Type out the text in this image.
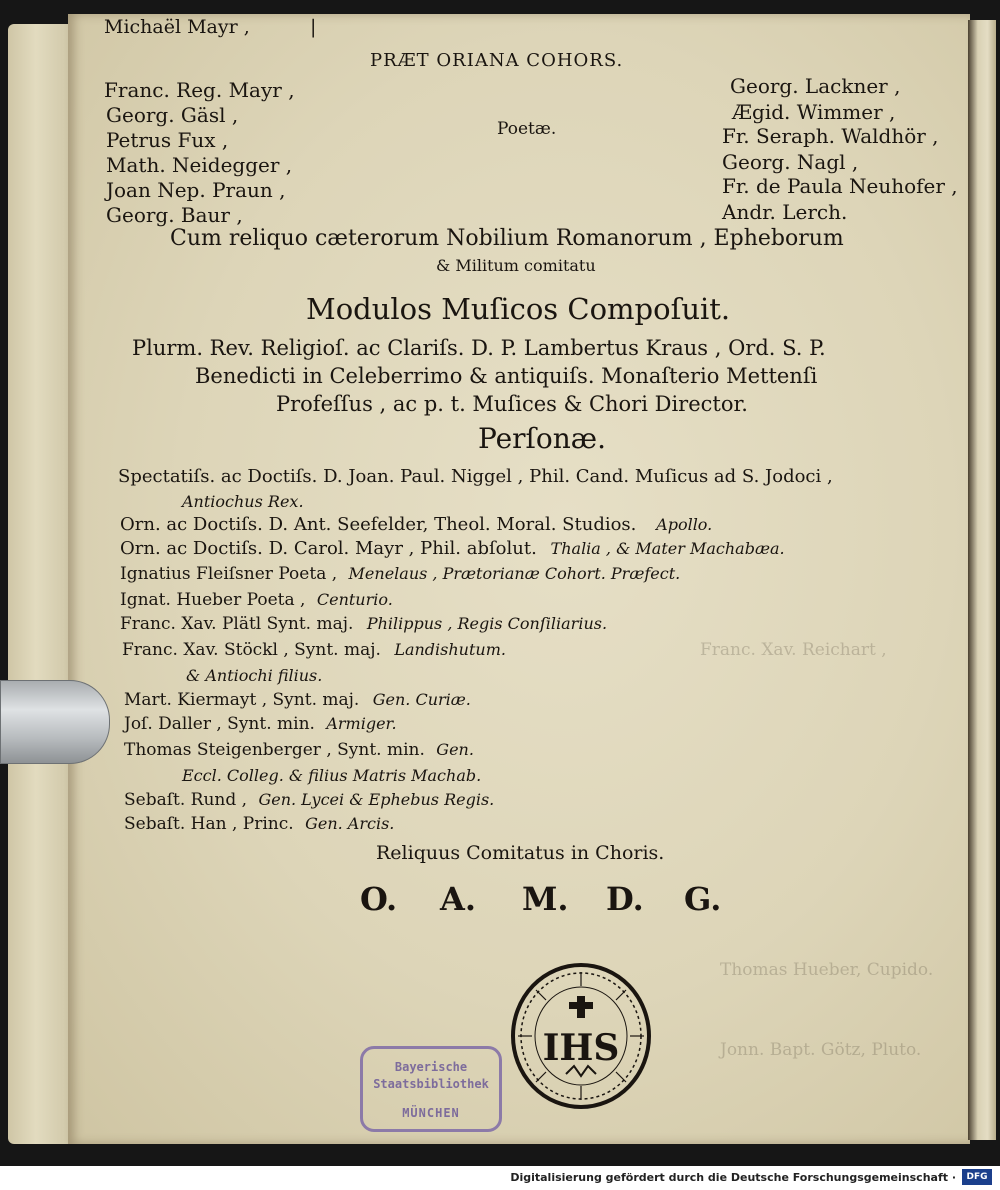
Franc. Xav. Reichart ,
Thomas Hueber, Cupido.
Jonn. Bapt. Götz, Pluto.
Michaël Mayr ,	|
PRÆT ORIANA COHORS.
Franc. Reg. Mayr ,
Georg. Gäsl ,
Petrus Fux ,
Math. Neidegger ,
Joan Nep. Praun ,
Georg. Baur ,
Poetæ.
Georg. Lackner ,
Ægid. Wimmer ,
Fr. Seraph. Waldhör ,
Georg. Nagl ,
Fr. de Paula Neuhofer ,
Andr. Lerch.
Cum reliquo cæterorum Nobilium Romanorum , Epheborum
& Militum comitatu
Modulos Muſicos Compoſuit.
Plurm. Rev. Religioſ. ac Clariſs. D. P. Lambertus Kraus , Ord. S. P.
Benedicti in Celeberrimo & antiquiſs. Monaſterio Mettenſi
Profeſſus , ac p. t. Muſices & Chori Director.
Perſonæ.
Spectatiſs. ac Doctiſs. D. Joan. Paul. Niggel , Phil. Cand. Muſicus ad S. Jodoci ,
Antiochus Rex.
Orn. ac Doctiſs. D. Ant. Seefelder, Theol. Moral. Studios. Apollo.
Orn. ac Doctiſs. D. Carol. Mayr , Phil. abſolut. Thalia , & Mater Machabæa.
Ignatius Fleiſsner Poeta , Menelaus , Prætorianæ Cohort. Præfect.
Ignat. Hueber Poeta , Centurio.
Franc. Xav. Plätl Synt. maj. Philippus , Regis Conſiliarius.
Franc. Xav. Stöckl , Synt. maj. Landishutum.
& Antiochi filius.
Mart. Kiermayt , Synt. maj. Gen. Curiæ.
Joſ. Daller , Synt. min. Armiger.
Thomas Steigenberger , Synt. min. Gen.
Eccl. Colleg. & filius Matris Machab.
Sebaſt. Rund , Gen. Lycei & Ephebus Regis.
Sebaſt. Han , Princ. Gen. Arcis.
Reliquus Comitatus in Choris.
O. A. M. D. G.
IHS
Bayerische
Staatsbibliothek
MÜNCHEN
Digitalisierung gefördert durch die Deutsche Forschungsgemeinschaft ·	DFG
